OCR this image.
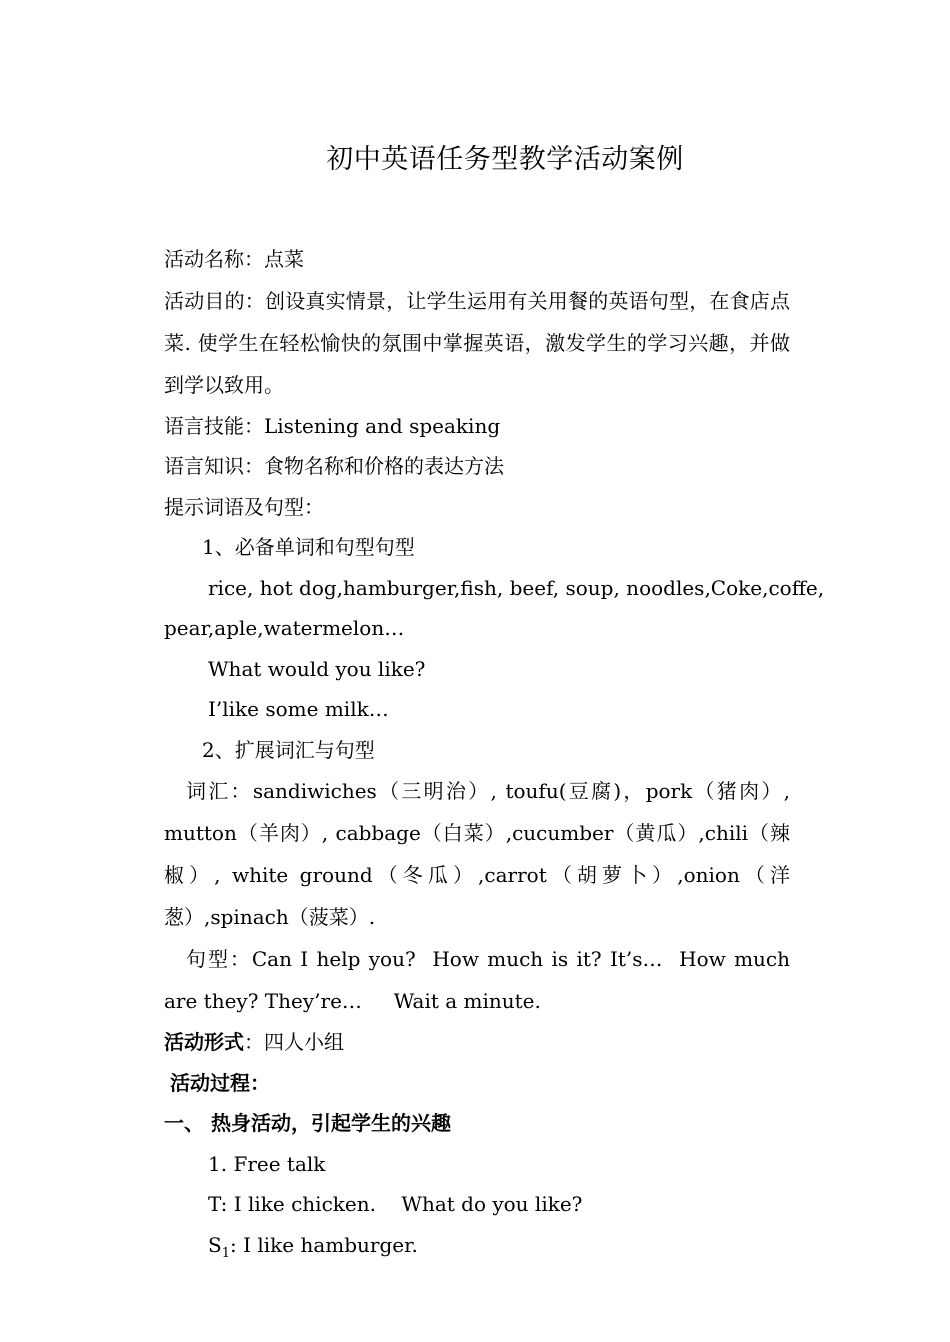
初中英语任务型教学活动案例
活动名称：点菜
活动目的：创设真实情景，让学生运用有关用餐的英语句型，在食店点菜. 使学生在轻松愉快的氛围中掌握英语，激发学生的学习兴趣，并做到学以致用。
语言技能：Listening and speaking
语言知识：食物名称和价格的表达方法
提示词语及句型：
1、必备单词和句型句型
rice, hot dog,hamburger,fish, beef, soup, noodles,Coke,coffe,
pear,aple,watermelon…
What would you like?
I’like some milk…
2、扩展词汇与句型
词汇：sandiwiches（三明治）, toufu(豆腐)，pork（猪肉）, mutton（羊肉）, cabbage（白菜）,cucumber（黄瓜）,chili（辣椒）, white ground（冬瓜）,carrot（胡萝卜）,onion（洋葱）,spinach（菠菜）.
句型：Can I help you?  How much is it? It’s…  How much are they? They’re…     Wait a minute.
活动形式：四人小组
活动过程：
一、 热身活动，引起学生的兴趣
1. Free talk
T: I like chicken.    What do you like?
$S_1$: I like hamburger.
